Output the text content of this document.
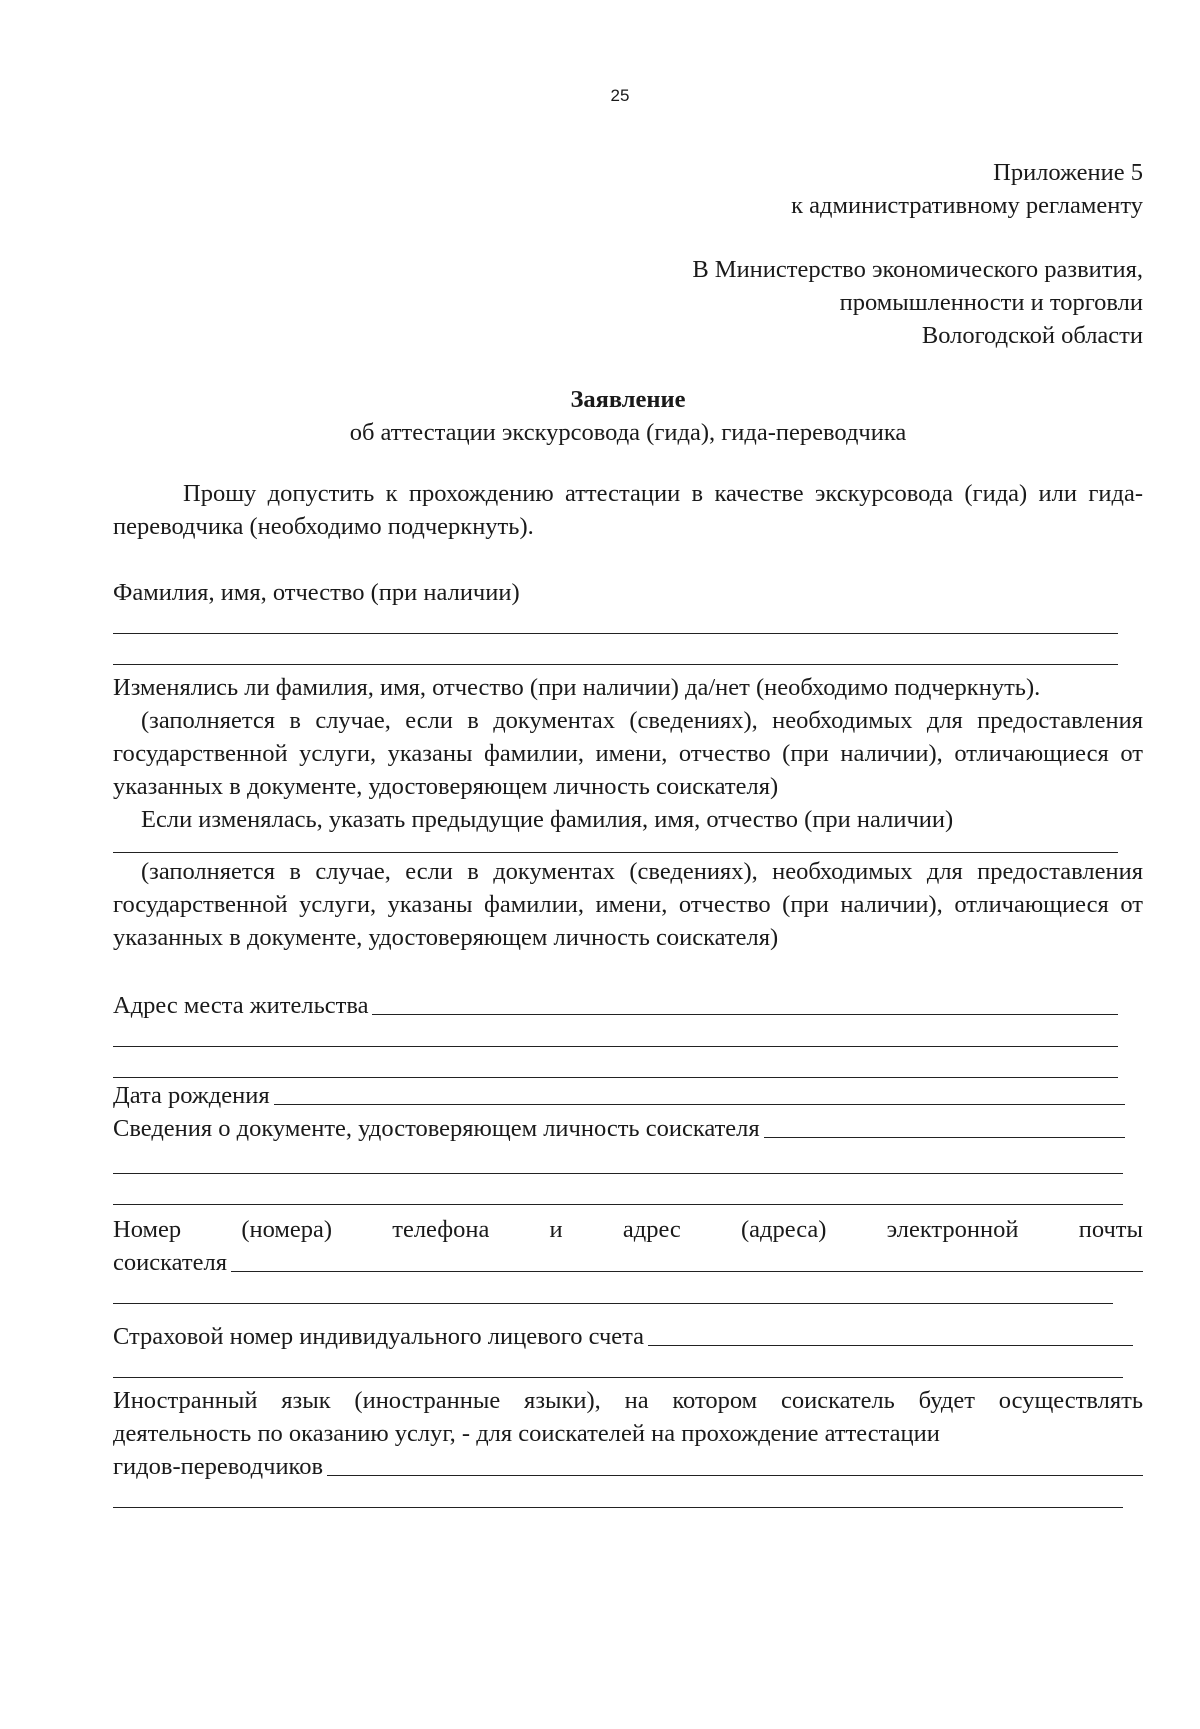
25
Приложение 5
к административному регламенту
В Министерство экономического развития,
промышленности и торговли
Вологодской области
Заявление
об аттестации экскурсовода (гида), гида-переводчика
Прошу допустить к прохождению аттестации в качестве экскурсовода (гида) или гида-переводчика (необходимо подчеркнуть).
Фамилия, имя, отчество (при наличии)
Изменялись ли фамилия, имя, отчество (при наличии) да/нет (необходимо подчеркнуть).
(заполняется в случае, если в документах (сведениях), необходимых для предоставления государственной услуги, указаны фамилии, имени, отчество (при наличии), отличающиеся от указанных в документе, удостоверяющем личность соискателя)
Если изменялась, указать предыдущие фамилия, имя, отчество (при наличии)
(заполняется в случае, если в документах (сведениях), необходимых для предоставления государственной услуги, указаны фамилии, имени, отчество (при наличии), отличающиеся от указанных в документе, удостоверяющем личность соискателя)
Адрес места жительства
Дата рождения
Сведения о документе, удостоверяющем личность соискателя
Номер (номера) телефона и адрес (адреса) электронной почты
соискателя
Страховой номер индивидуального лицевого счета
Иностранный язык (иностранные языки), на котором соискатель будет осуществлять деятельность по оказанию услуг, - для соискателей на прохождение аттестации
гидов-переводчиков
